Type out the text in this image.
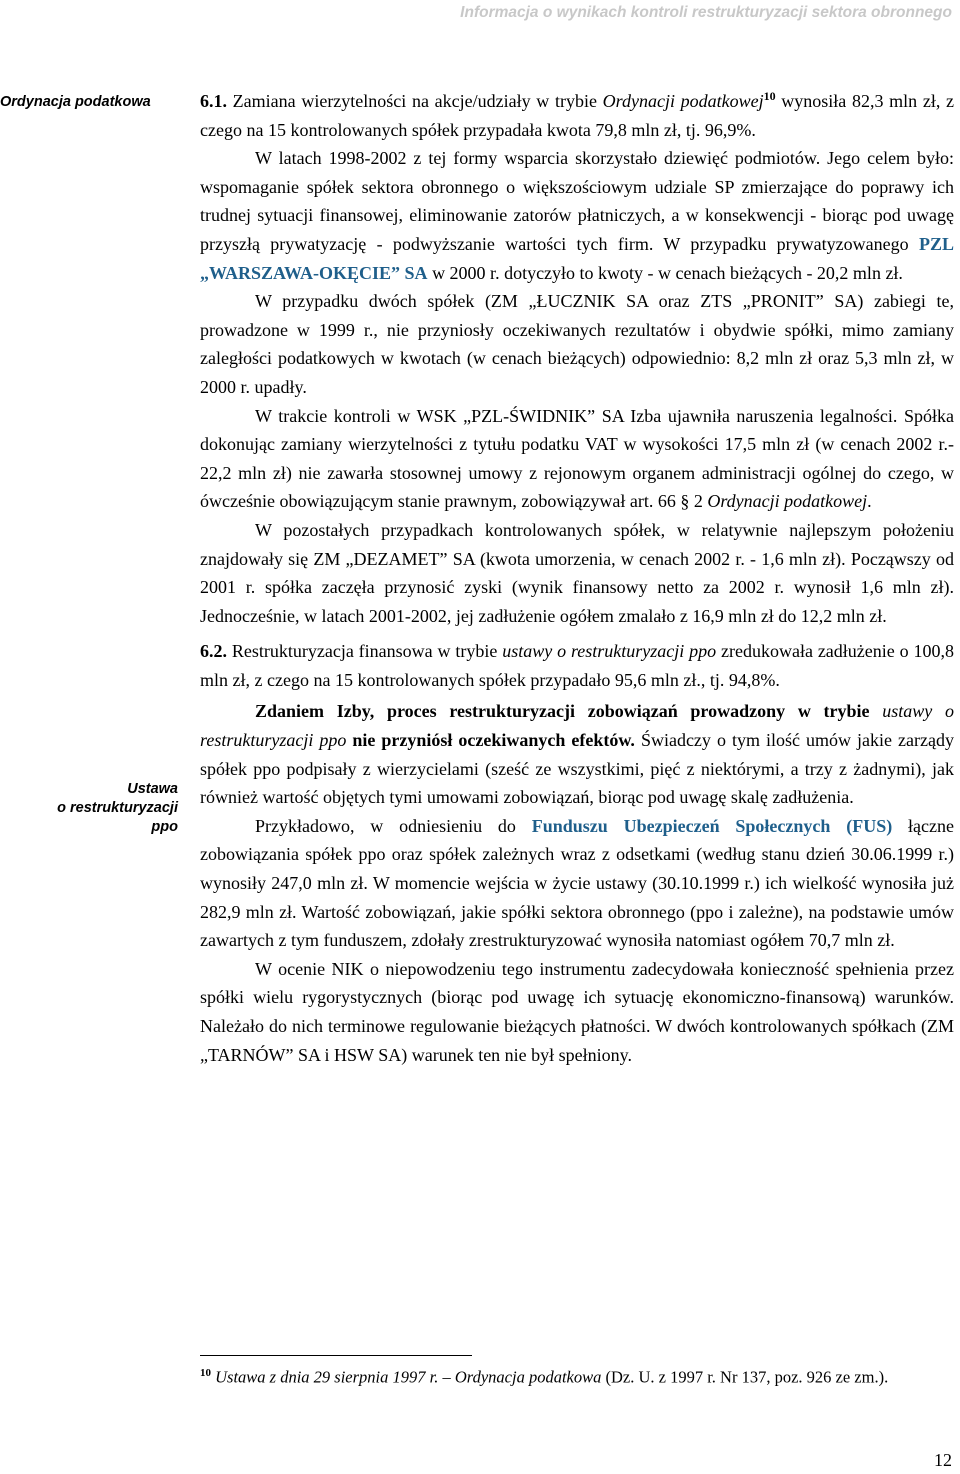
Informacja o wynikach kontroli restrukturyzacji sektora obronnego
Ordynacja podatkowa
Ustawa
o restrukturyzacji
ppo

6.1. Zamiana wierzytelności na akcje/udziały w trybie Ordynacji podatkowej$^{10}$ wynosiła 82,3 mln zł, z czego na 15 kontrolowanych spółek przypadała kwota 79,8 mln zł, tj. 96,9%.

W latach 1998-2002 z tej formy wsparcia skorzystało dziewięć podmiotów. Jego celem było: wspomaganie spółek sektora obronnego o większościowym udziale SP zmierzające do poprawy ich trudnej sytuacji finansowej, eliminowanie zatorów płatniczych, a w konsekwencji - biorąc pod uwagę przyszłą prywatyzację - podwyższanie wartości tych firm. W przypadku prywatyzowanego PZL „WARSZAWA-OKĘCIE” SA w 2000 r. dotyczyło to kwoty - w cenach bieżących - 20,2 mln zł.

W przypadku dwóch spółek (ZM „ŁUCZNIK SA oraz ZTS „PRONIT” SA) zabiegi te, prowadzone w 1999 r., nie przyniosły oczekiwanych rezultatów i obydwie spółki, mimo zamiany zaległości podatkowych w kwotach (w cenach bieżących) odpowiednio: 8,2 mln zł oraz 5,3 mln zł, w 2000 r. upadły.

W trakcie kontroli w WSK „PZL-ŚWIDNIK” SA Izba ujawniła naruszenia legalności. Spółka dokonując zamiany wierzytelności z tytułu podatku VAT w wysokości 17,5 mln zł (w cenach 2002 r.- 22,2 mln zł) nie zawarła stosownej umowy z rejonowym organem administracji ogólnej do czego, w ówcześnie obowiązującym stanie prawnym, zobowiązywał art. 66 § 2 Ordynacji podatkowej.

W pozostałych przypadkach kontrolowanych spółek, w relatywnie najlepszym położeniu znajdowały się ZM „DEZAMET” SA (kwota umorzenia, w cenach 2002 r. - 1,6 mln zł). Począwszy od 2001 r. spółka zaczęła przynosić zyski (wynik finansowy netto za 2002 r. wynosił 1,6 mln zł). Jednocześnie, w latach 2001-2002, jej zadłużenie ogółem zmalało z 16,9 mln zł do 12,2 mln zł.

6.2. Restrukturyzacja finansowa w trybie ustawy o restrukturyzacji ppo zredukowała zadłużenie o 100,8 mln zł, z czego na 15 kontrolowanych spółek przypadało 95,6 mln zł., tj. 94,8%.

Zdaniem Izby, proces restrukturyzacji zobowiązań prowadzony w trybie ustawy o restrukturyzacji ppo nie przyniósł oczekiwanych efektów. Świadczy o tym ilość umów jakie zarządy spółek ppo podpisały z wierzycielami (sześć ze wszystkimi, pięć z niektórymi, a trzy z żadnymi), jak również wartość objętych tymi umowami zobowiązań, biorąc pod uwagę skalę zadłużenia.

Przykładowo, w odniesieniu do Funduszu Ubezpieczeń Społecznych (FUS) łączne zobowiązania spółek ppo oraz spółek zależnych wraz z odsetkami (według stanu dzień 30.06.1999 r.) wynosiły 247,0 mln zł. W momencie wejścia w życie ustawy (30.10.1999 r.) ich wielkość wynosiła już 282,9 mln zł. Wartość zobowiązań, jakie spółki sektora obronnego (ppo i zależne), na podstawie umów zawartych z tym funduszem, zdołały zrestrukturyzować wynosiła natomiast ogółem 70,7 mln zł.

W ocenie NIK o niepowodzeniu tego instrumentu zadecydowała konieczność spełnienia przez spółki wielu rygorystycznych (biorąc pod uwagę ich sytuację ekonomiczno-finansową) warunków. Należało do nich terminowe regulowanie bieżących płatności. W dwóch kontrolowanych spółkach (ZM „TARNÓW” SA i HSW SA) warunek ten nie był spełniony.

$^{10}$ Ustawa z dnia 29 sierpnia 1997 r. – Ordynacja podatkowa (Dz. U. z 1997 r. Nr 137, poz. 926 ze zm.).
12
